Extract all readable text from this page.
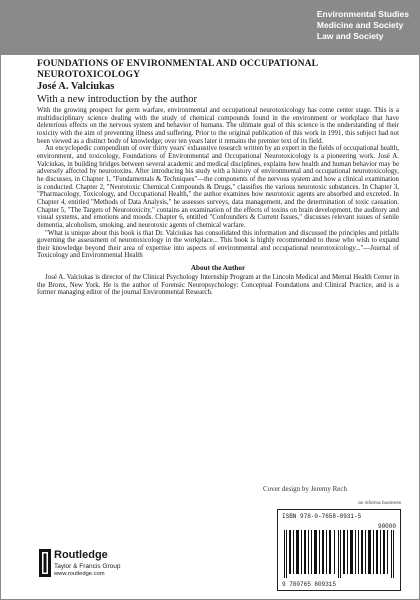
Environmental Studies
Medicine and Society
Law and Society
FOUNDATIONS OF ENVIRONMENTAL AND OCCUPATIONAL NEUROTOXICOLOGY
José A. Valciukas
With a new introduction by the author

With the growing prospect for germ warfare, environmental and occupational neurotoxicology has come center stage. This is a multidisciplinary science dealing with the study of chemical compounds found in the environment or workplace that have deleterious effects on the nervous system and behavior of humans. The ultimate goal of this science is the understanding of their toxicity with the aim of preventing illness and suffering. Prior to the original publication of this work in 1991, this subject had not been viewed as a distinct body of knowledge; over ten years later it remains the premier text of its field.

An encyclopedic compendium of over thirty years' exhaustive research written by an expert in the fields of occupational health, environment, and toxicology, Foundations of Environmental and Occupational Neurotoxicology is a pioneering work. José A. Valciukas, in building bridges between several academic and medical disciplines, explains how health and human behavior may be adversely affected by neurotoxins. After introducing his study with a history of environmental and occupational neurotoxicology, he discusses, in Chapter 1, "Fundamentals & Techniques"—the components of the nervous system and how a clinical examination is conducted. Chapter 2, "Neurotoxic Chemical Compounds & Drugs," classifies the various neurotoxic substances. In Chapter 3, "Pharmacology, Toxicology, and Occupational Health," the author examines how neurotoxic agents are absorbed and excreted. In Chapter 4, entitled "Methods of Data Analysis," he assesses surveys, data management, and the determination of toxic causation. Chapter 5, "The Targets of Neurotoxicity," contains an examination of the effects of toxins on brain development, the auditory and visual systems, and emotions and moods. Chapter 6, entitled "Confounders & Current Issues," discusses relevant issues of senile dementia, alcoholism, smoking, and neurotoxic agents of chemical warfare.

"What is unique about this book is that Dr. Valciukas has consolidated this information and discussed the principles and pitfalls governing the assessment of neurotoxicology in the workplace... This book is highly recommended to those who wish to expand their knowledge beyond their area of expertise into aspects of environmental and occupational neurotoxicology..."—Journal of Toxicology and Environmental Health

About the Author

José A. Valciukas is director of the Clinical Psychology Internship Program at the Lincoln Medical and Mental Health Center in the Bronx, New York. He is the author of Forensic Neuropsychology: Conceptual Foundations and Clinical Practice, and is a former managing editor of the journal Environmental Research.

Cover design by Jeremy Rech
an informa business
ISBN 978-0-7658-0931-5
90000
9 780765 809315
Routledge
Taylor & Francis Group
www.routledge.com
